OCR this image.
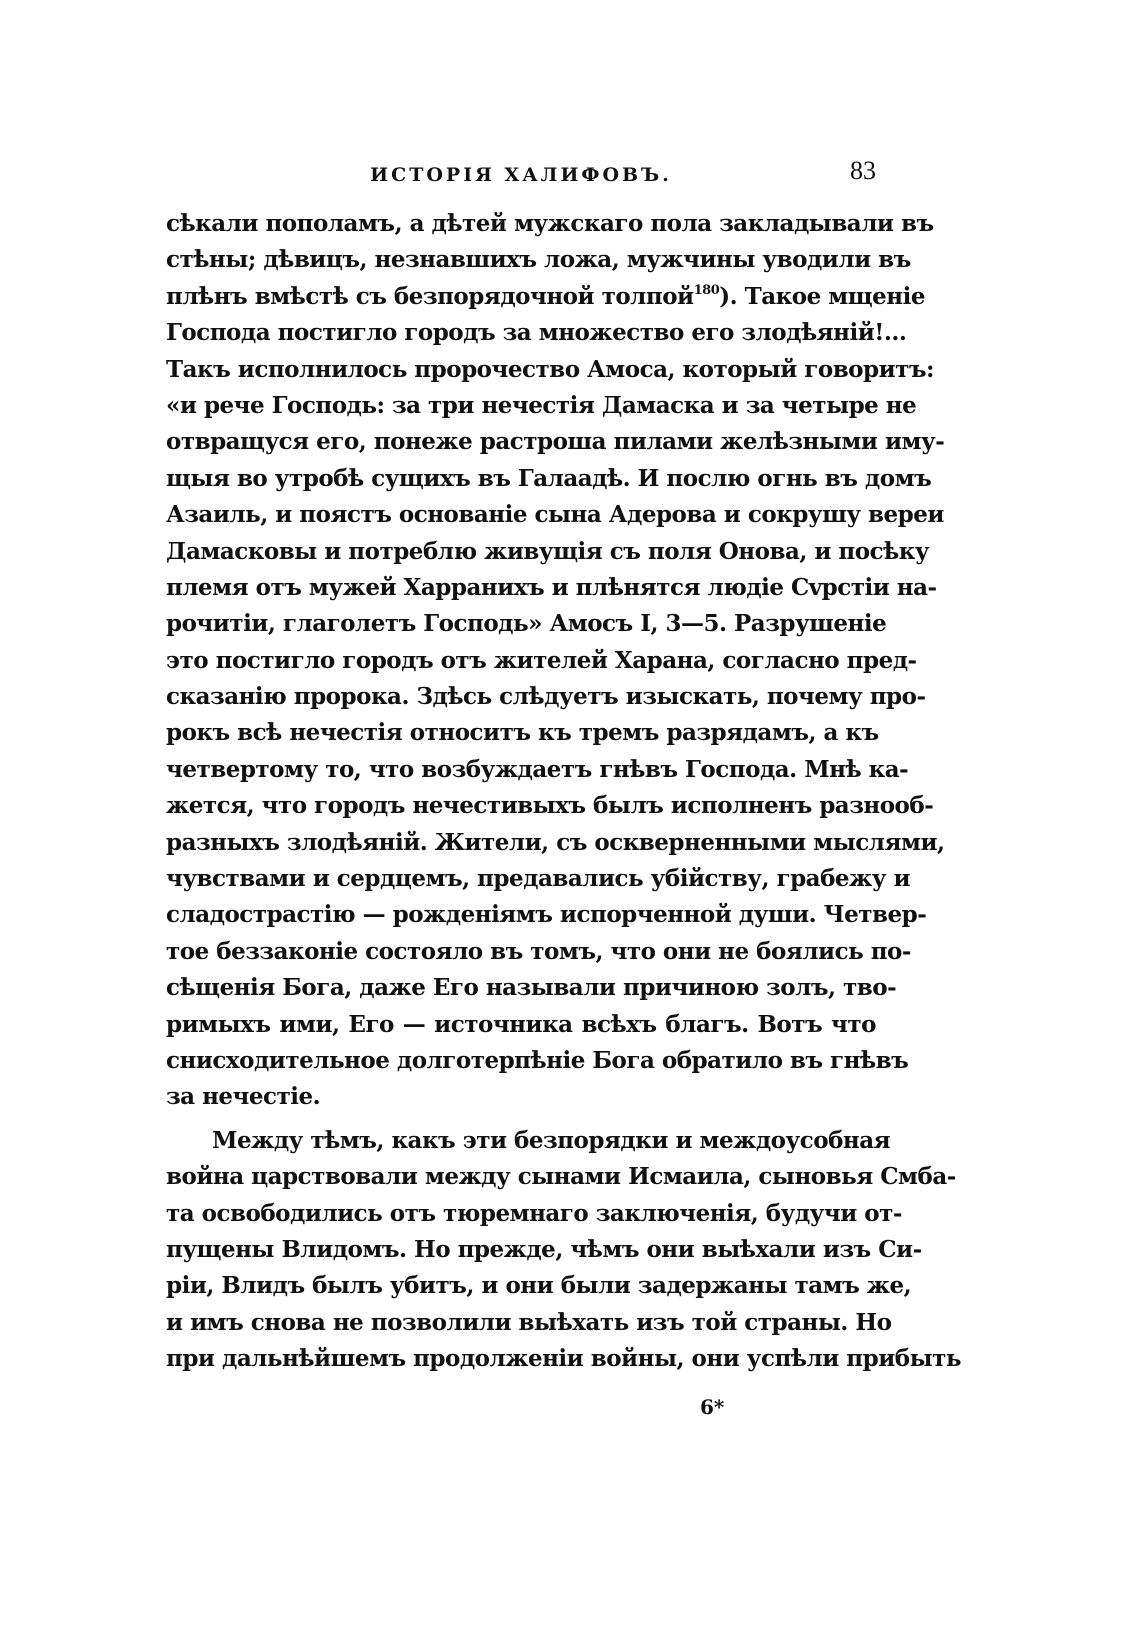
ИСТОРІЯ ХАЛИФОВЪ.	83
сѣкали пополамъ, а дѣтей мужскаго пола закладывали въ
стѣны; дѣвицъ, незнавшихъ ложа, мужчины уводили въ
плѣнъ вмѣстѣ съ безпорядочной толпой$^{180}$). Такое мщеніе
Господа постигло городъ за множество его злодѣяній!...
Такъ исполнилось пророчество Амоса, который говоритъ:
«и рече Господь: за три нечестія Дамаска и за четыре не
отвращуся его, понеже растроша пилами желѣзными иму-
щыя во утробѣ сущихъ въ Галаадѣ. И послю огнь въ домъ
Азаиль, и поястъ основаніе сына Адерова и сокрушу вереи
Дамасковы и потреблю живущія съ поля Онова, и посѣку
племя отъ мужей Харранихъ и плѣнятся людіе Сvрстіи на-
рочитіи, глаголетъ Господь» Амосъ I, 3—5. Разрушеніе
это постигло городъ отъ жителей Харана, согласно пред-
сказанію пророка. Здѣсь слѣдуетъ изыскать, почему про-
рокъ всѣ нечестія относитъ къ тремъ разрядамъ, а къ
четвертому то, что возбуждаетъ гнѣвъ Господа. Мнѣ ка-
жется, что городъ нечестивыхъ былъ исполненъ разнооб-
разныхъ злодѣяній. Жители, съ оскверненными мыслями,
чувствами и сердцемъ, предавались убійству, грабежу и
сладострастію — рожденіямъ испорченной души. Четвер-
тое беззаконіе состояло въ томъ, что они не боялись по-
сѣщенія Бога, даже Его называли причиною золъ, тво-
римыхъ ими, Его — источника всѣхъ благъ. Вотъ что
снисходительное долготерпѣніе Бога обратило въ гнѣвъ
за нечестіе.
Между тѣмъ, какъ эти безпорядки и междоусобная
война царствовали между сынами Исмаила, сыновья Смба-
та освободились отъ тюремнаго заключенія, будучи от-
пущены Влидомъ. Но прежде, чѣмъ они выѣхали изъ Си-
ріи, Влидъ былъ убитъ, и они были задержаны тамъ же,
и имъ снова не позволили выѣхать изъ той страны. Но
при дальнѣйшемъ продолженіи войны, они успѣли прибыть
6*
